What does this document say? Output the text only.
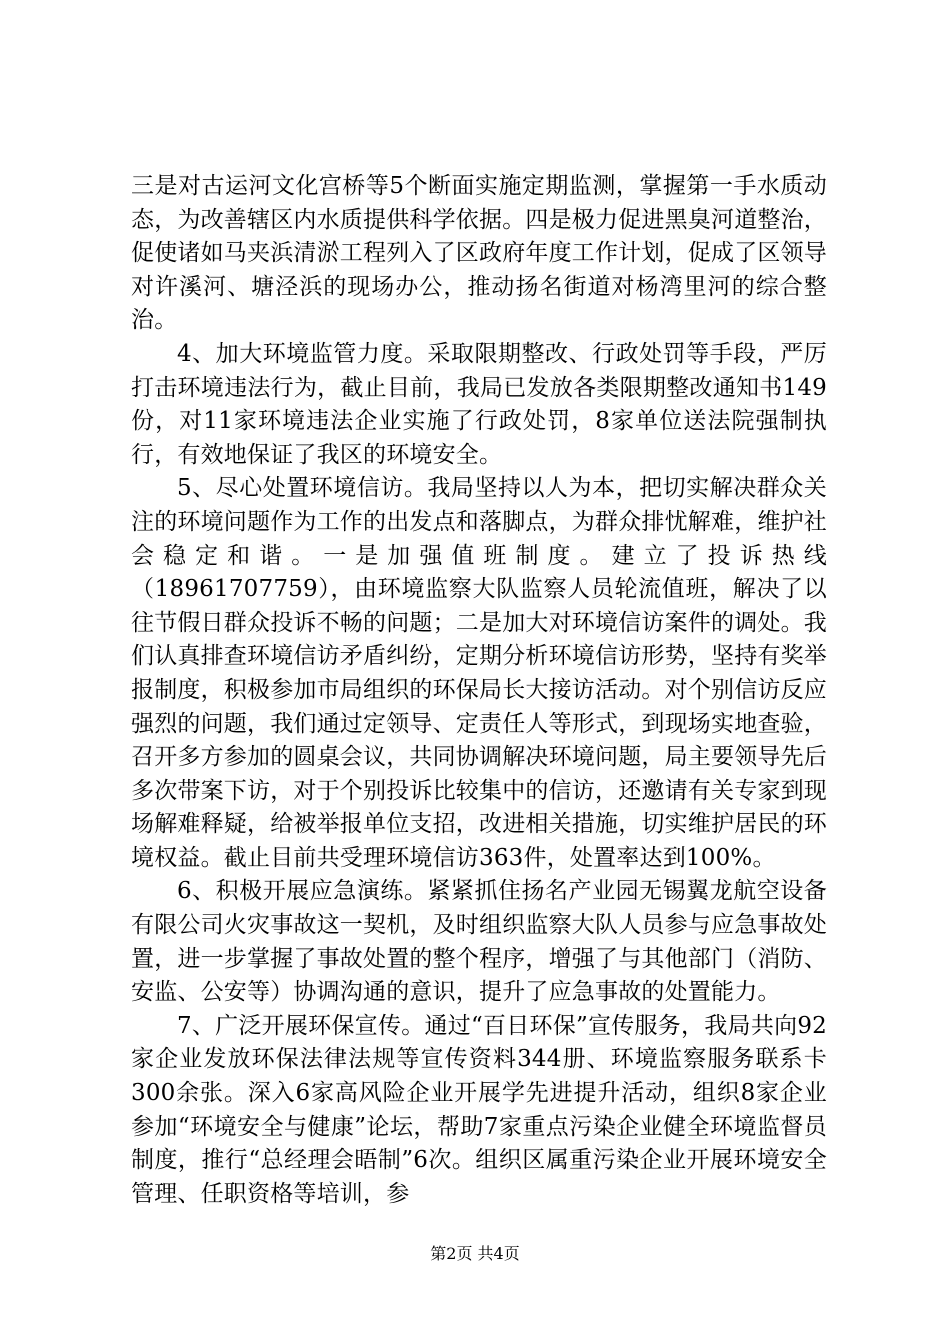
三是对古运河文化宫桥等5个断面实施定期监测，掌握第一手水质动态，为改善辖区内水质提供科学依据。四是极力促进黑臭河道整治，促使诸如马夹浜清淤工程列入了区政府年度工作计划，促成了区领导对许溪河、塘泾浜的现场办公，推动扬名街道对杨湾里河的综合整治。

4、加大环境监管力度。采取限期整改、行政处罚等手段，严厉打击环境违法行为，截止目前，我局已发放各类限期整改通知书149份，对11家环境违法企业实施了行政处罚，8家单位送法院强制执行，有效地保证了我区的环境安全。

5、尽心处置环境信访。我局坚持以人为本，把切实解决群众关注的环境问题作为工作的出发点和落脚点，为群众排忧解难，维护社会稳定和谐。一是加强值班制度。建立了投诉热线（18961707759），由环境监察大队监察人员轮流值班，解决了以往节假日群众投诉不畅的问题；二是加大对环境信访案件的调处。我们认真排查环境信访矛盾纠纷，定期分析环境信访形势，坚持有奖举报制度，积极参加市局组织的环保局长大接访活动。对个别信访反应强烈的问题，我们通过定领导、定责任人等形式，到现场实地查验，召开多方参加的圆桌会议，共同协调解决环境问题，局主要领导先后多次带案下访，对于个别投诉比较集中的信访，还邀请有关专家到现场解难释疑，给被举报单位支招，改进相关措施，切实维护居民的环境权益。截止目前共受理环境信访363件，处置率达到100%。

6、积极开展应急演练。紧紧抓住扬名产业园无锡翼龙航空设备有限公司火灾事故这一契机，及时组织监察大队人员参与应急事故处置，进一步掌握了事故处置的整个程序，增强了与其他部门（消防、安监、公安等）协调沟通的意识，提升了应急事故的处置能力。

7、广泛开展环保宣传。通过“百日环保”宣传服务，我局共向92家企业发放环保法律法规等宣传资料344册、环境监察服务联系卡300余张。深入6家高风险企业开展学先进提升活动，组织8家企业参加“环境安全与健康”论坛，帮助7家重点污染企业健全环境监督员制度，推行“总经理会晤制”6次。组织区属重污染企业开展环境安全管理、任职资格等培训，参

第2页 共4页
